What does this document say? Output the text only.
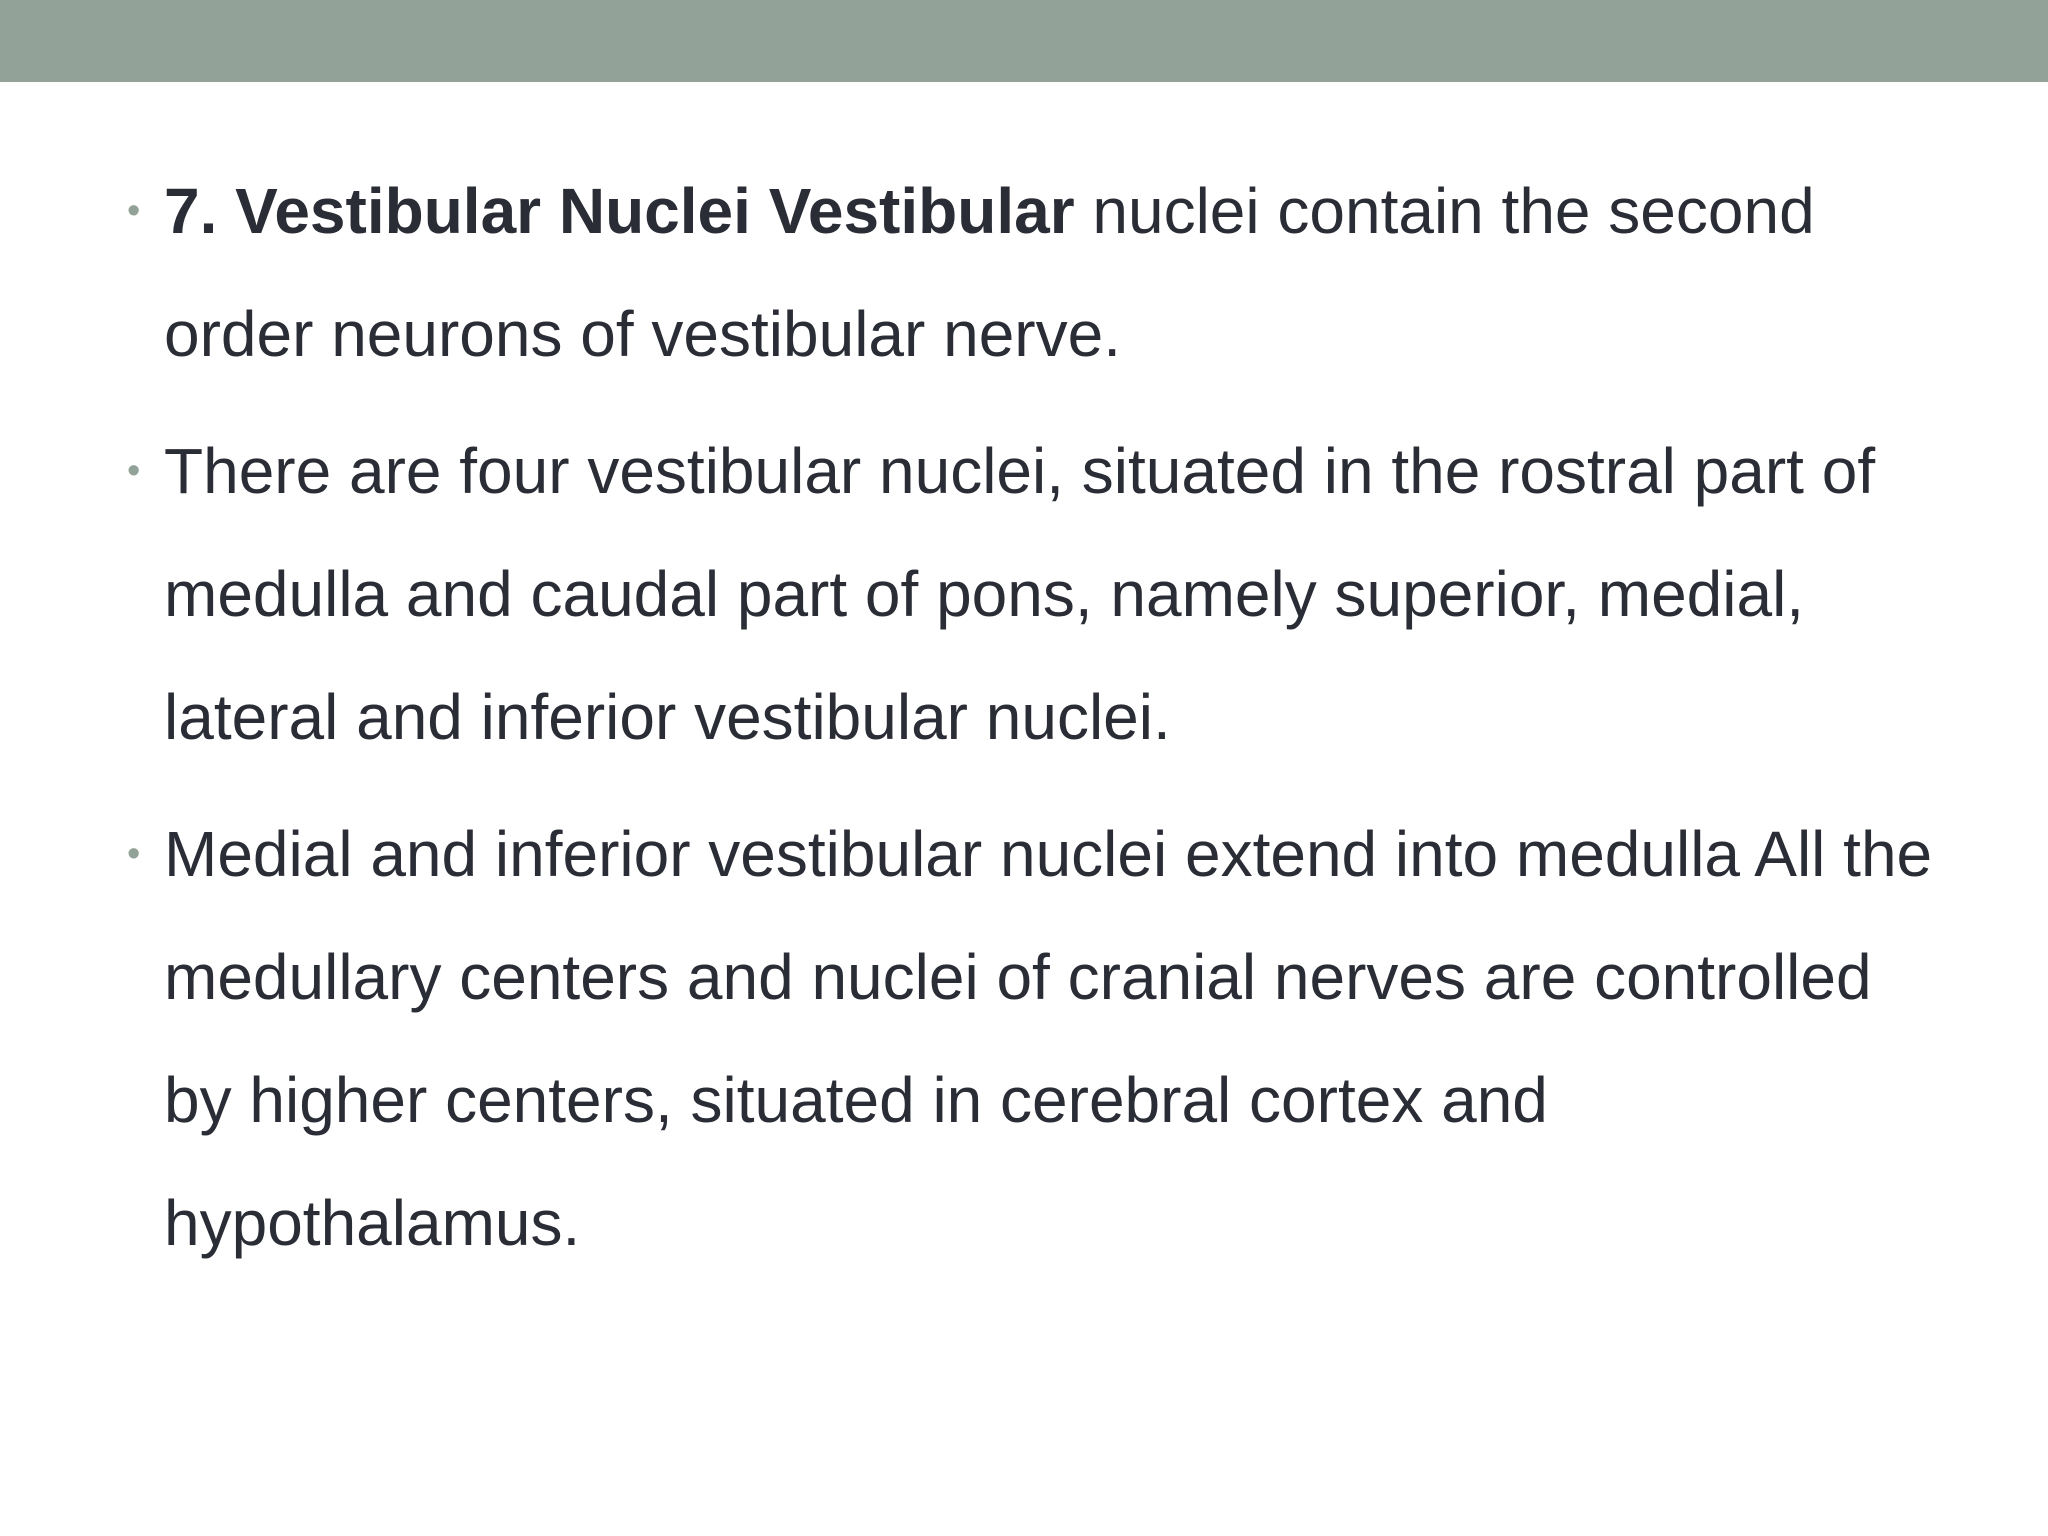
• 7. Vestibular Nuclei Vestibular nuclei contain the second order neurons of vestibular nerve.
• There are four vestibular nuclei, situated in the rostral part of medulla and caudal part of pons, namely superior, medial, lateral and inferior vestibular nuclei.
• Medial and inferior vestibular nuclei extend into medulla All the medullary centers and nuclei of cranial nerves are controlled by higher centers, situated in cerebral cortex and hypothalamus.
